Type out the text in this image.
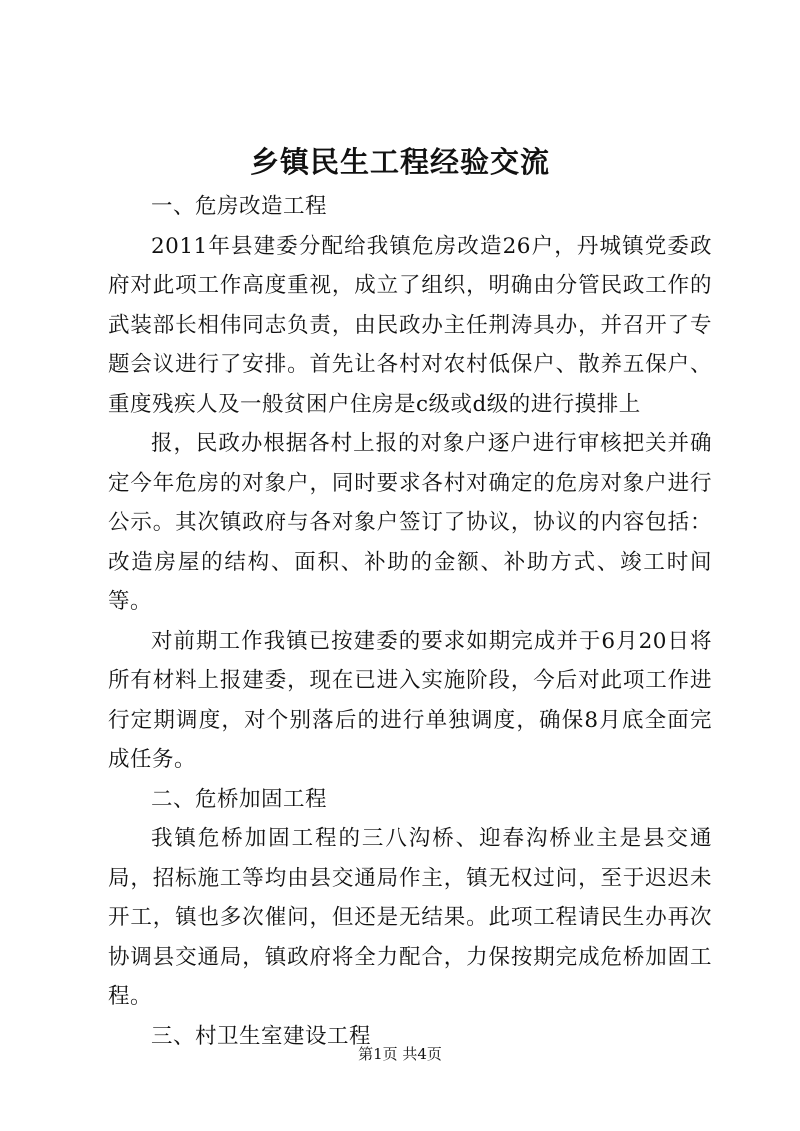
乡镇民生工程经验交流

一、危房改造工程

2011年县建委分配给我镇危房改造26户，丹城镇党委政府对此项工作高度重视，成立了组织，明确由分管民政工作的武装部长相伟同志负责，由民政办主任荆涛具办，并召开了专题会议进行了安排。首先让各村对农村低保户、散养五保户、重度残疾人及一般贫困户住房是c级或d级的进行摸排上

报，民政办根据各村上报的对象户逐户进行审核把关并确定今年危房的对象户，同时要求各村对确定的危房对象户进行公示。其次镇政府与各对象户签订了协议，协议的内容包括：改造房屋的结构、面积、补助的金额、补助方式、竣工时间等。

对前期工作我镇已按建委的要求如期完成并于6月20日将所有材料上报建委，现在已进入实施阶段，今后对此项工作进行定期调度，对个别落后的进行单独调度，确保8月底全面完成任务。

二、危桥加固工程

我镇危桥加固工程的三八沟桥、迎春沟桥业主是县交通局，招标施工等均由县交通局作主，镇无权过问，至于迟迟未开工，镇也多次催问，但还是无结果。此项工程请民生办再次协调县交通局，镇政府将全力配合，力保按期完成危桥加固工程。

三、村卫生室建设工程

第1页 共4页
